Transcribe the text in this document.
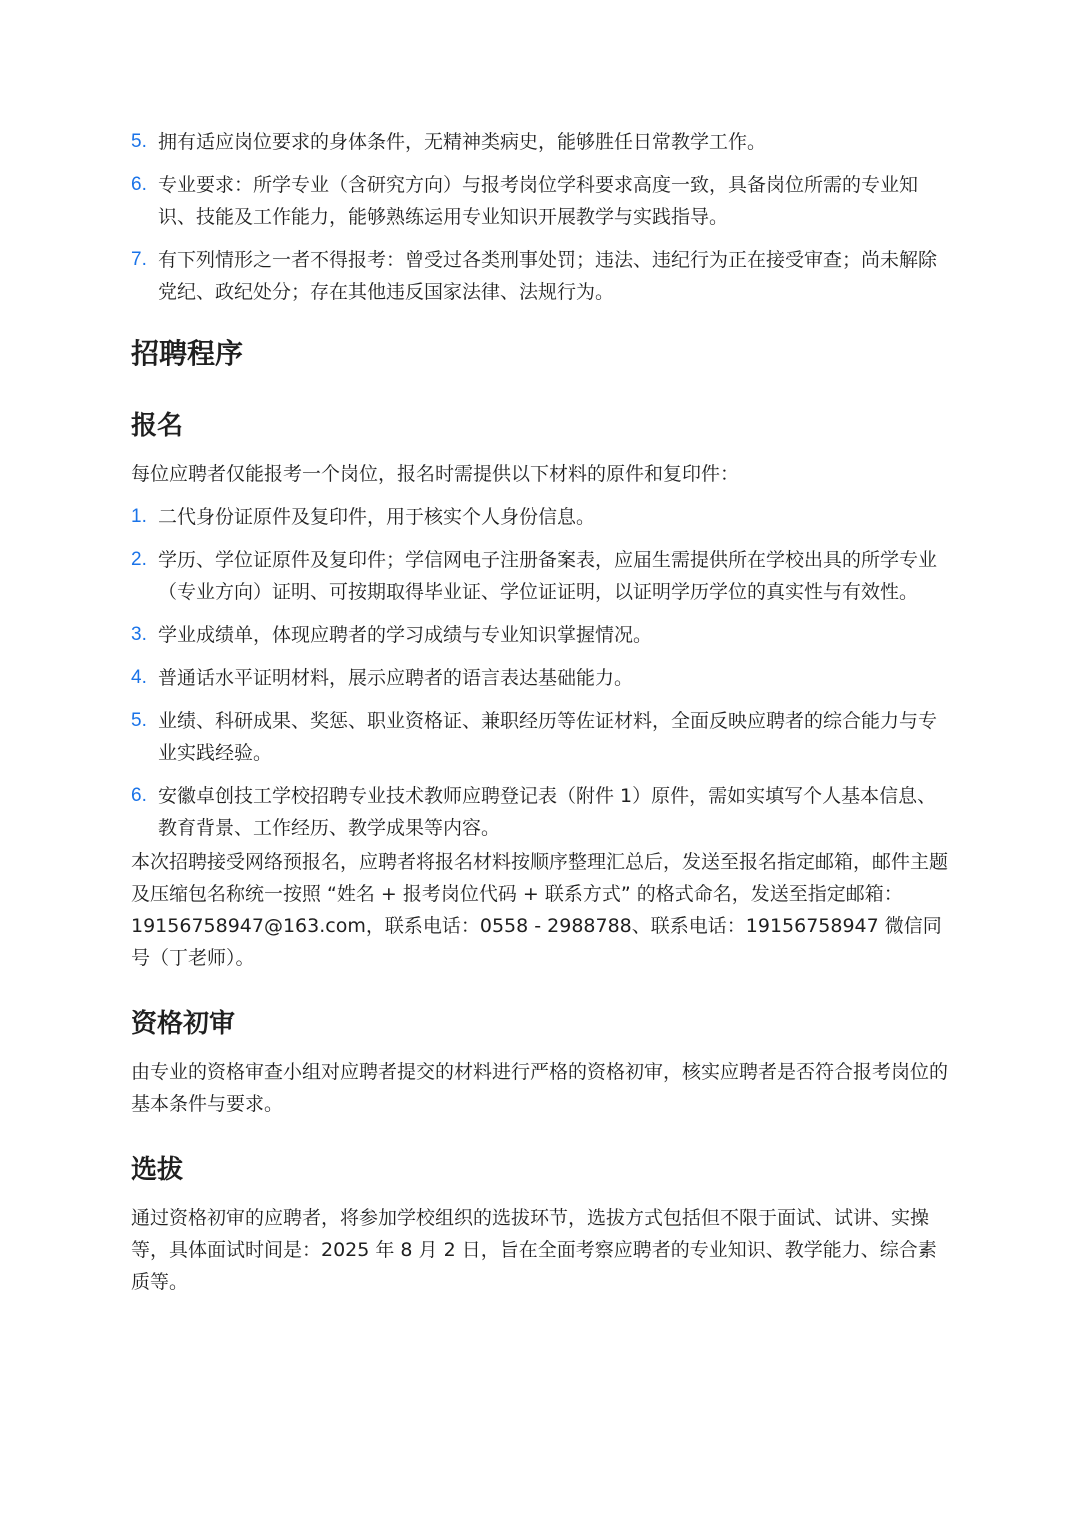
5. 拥有适应岗位要求的身体条件，无精神类病史，能够胜任日常教学工作。
6. 专业要求：所学专业（含研究方向）与报考岗位学科要求高度一致，具备岗位所需的专业知识、技能及工作能力，能够熟练运用专业知识开展教学与实践指导。
7. 有下列情形之一者不得报考：曾受过各类刑事处罚；违法、违纪行为正在接受审查；尚未解除党纪、政纪处分；存在其他违反国家法律、法规行为。
招聘程序
报名

每位应聘者仅能报考一个岗位，报名时需提供以下材料的原件和复印件：

1. 二代身份证原件及复印件，用于核实个人身份信息。
2. 学历、学位证原件及复印件；学信网电子注册备案表，应届生需提供所在学校出具的所学专业（专业方向）证明、可按期取得毕业证、学位证证明，以证明学历学位的真实性与有效性。
3. 学业成绩单，体现应聘者的学习成绩与专业知识掌握情况。
4. 普通话水平证明材料，展示应聘者的语言表达基础能力。
5. 业绩、科研成果、奖惩、职业资格证、兼职经历等佐证材料，全面反映应聘者的综合能力与专业实践经验。
6. 安徽卓创技工学校招聘专业技术教师应聘登记表（附件 1）原件，需如实填写个人基本信息、教育背景、工作经历、教学成果等内容。

本次招聘接受网络预报名，应聘者将报名材料按顺序整理汇总后，发送至报名指定邮箱，邮件主题及压缩包名称统一按照 “姓名 + 报考岗位代码 + 联系方式” 的格式命名，发送至指定邮箱：19156758947@163.com，联系电话：0558 - 2988788、联系电话：19156758947 微信同号（丁老师）。

资格初审

由专业的资格审查小组对应聘者提交的材料进行严格的资格初审，核实应聘者是否符合报考岗位的基本条件与要求。

选拔

通过资格初审的应聘者，将参加学校组织的选拔环节，选拔方式包括但不限于面试、试讲、实操等，具体面试时间是：2025 年 8 月 2 日，旨在全面考察应聘者的专业知识、教学能力、综合素质等。
